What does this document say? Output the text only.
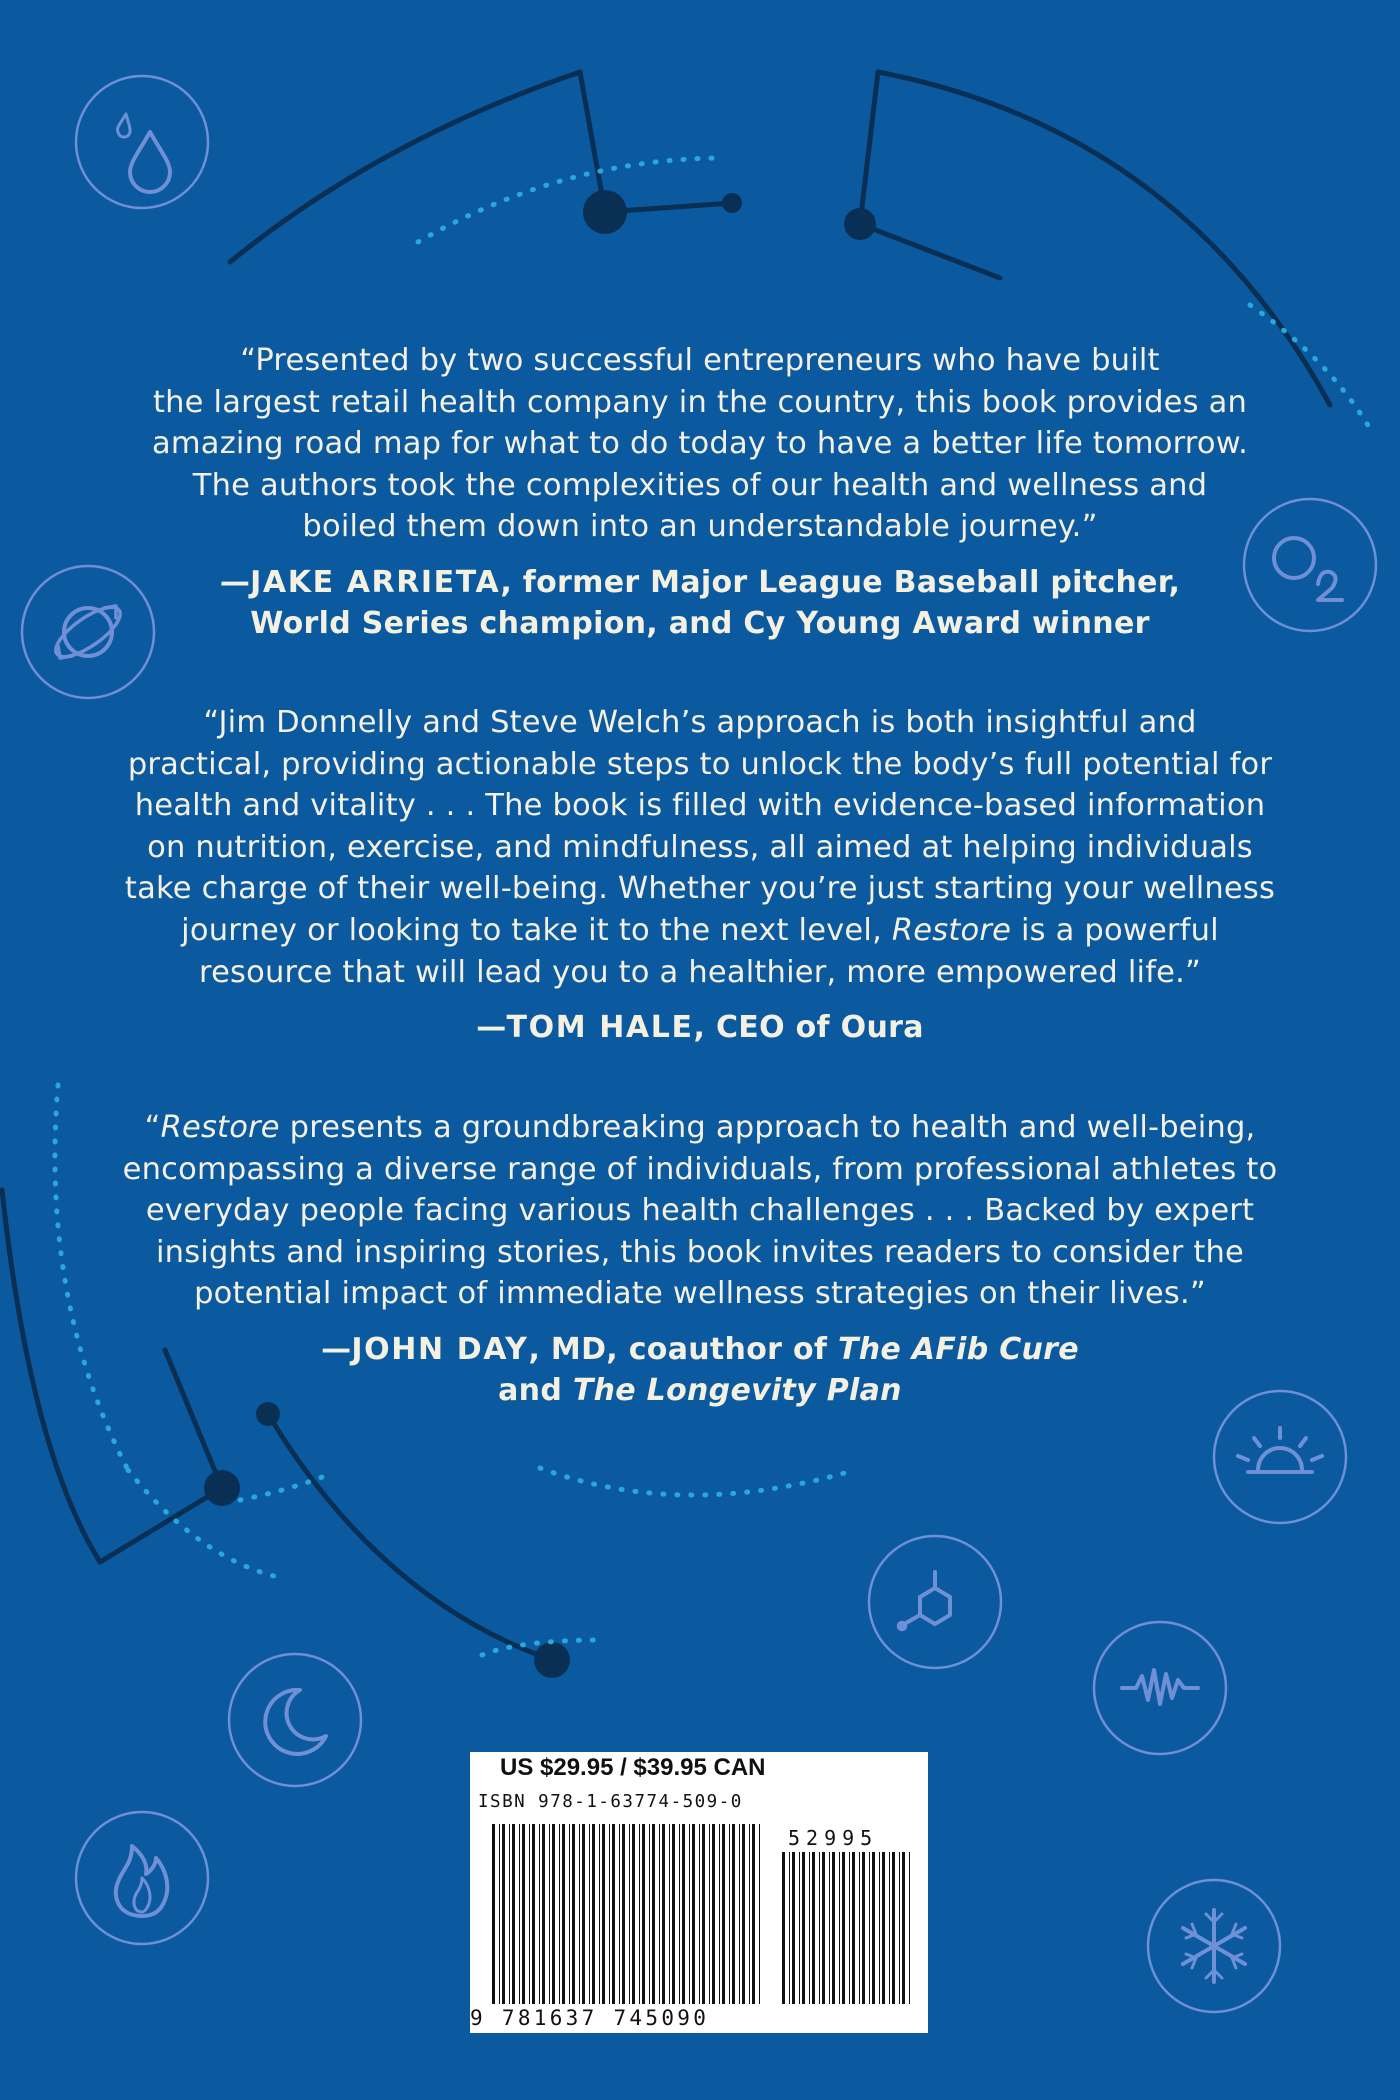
“Presented by two successful entrepreneurs who have built
the largest retail health company in the country, this book provides an
amazing road map for what to do today to have a better life tomorrow.
The authors took the complexities of our health and wellness and
boiled them down into an understandable journey.”

—JAKE ARRIETA, former Major League Baseball pitcher,
World Series champion, and Cy Young Award winner

“Jim Donnelly and Steve Welch’s approach is both insightful and
practical, providing actionable steps to unlock the body’s full potential for
health and vitality . . . The book is filled with evidence-based information
on nutrition, exercise, and mindfulness, all aimed at helping individuals
take charge of their well-being. Whether you’re just starting your wellness
journey or looking to take it to the next level, Restore is a powerful
resource that will lead you to a healthier, more empowered life.”

—TOM HALE, CEO of Oura

“Restore presents a groundbreaking approach to health and well-being,
encompassing a diverse range of individuals, from professional athletes to
everyday people facing various health challenges . . . Backed by expert
insights and inspiring stories, this book invites readers to consider the
potential impact of immediate wellness strategies on their lives.”

—JOHN DAY, MD, coauthor of The AFib Cure
and The Longevity Plan
US $29.95 / $39.95 CAN
ISBN 978-1-63774-509-0
52995
9 781637 745090
